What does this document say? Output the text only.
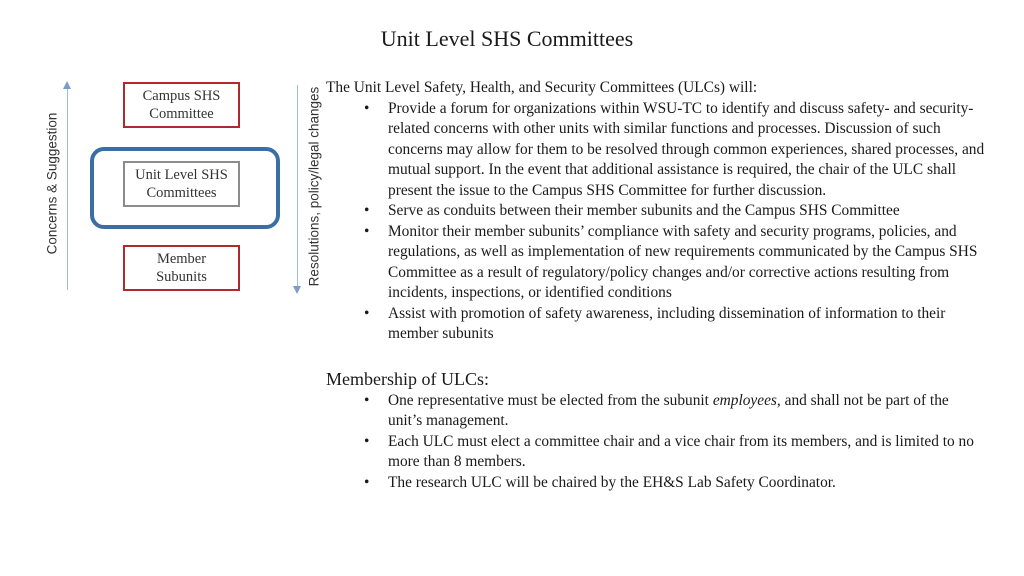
Unit Level SHS Committees
Concerns & Suggestion	Resolutions, policy/legal changes
Campus SHS Committee
Unit Level SHS Committees
Member Subunits

The Unit Level Safety, Health, and Security Committees (ULCs) will:

• Provide a forum for organizations within WSU-TC to identify and discuss safety- and security-related concerns with other units with similar functions and processes. Discussion of such concerns may allow for them to be resolved through common experiences, shared processes, and mutual support. In the event that additional assistance is required, the chair of the ULC shall present the issue to the Campus SHS Committee for further discussion.
• Serve as conduits between their member subunits and the Campus SHS Committee
• Monitor their member subunits’ compliance with safety and security programs, policies, and regulations, as well as implementation of new requirements communicated by the Campus SHS Committee as a result of regulatory/policy changes and/or corrective actions resulting from incidents, inspections, or identified conditions
• Assist with promotion of safety awareness, including dissemination of information to their member subunits

Membership of ULCs:

• One representative must be elected from the subunit employees, and shall not be part of the unit’s management.
• Each ULC must elect a committee chair and a vice chair from its members, and is limited to no more than 8 members.
• The research ULC will be chaired by the EH&S Lab Safety Coordinator.
